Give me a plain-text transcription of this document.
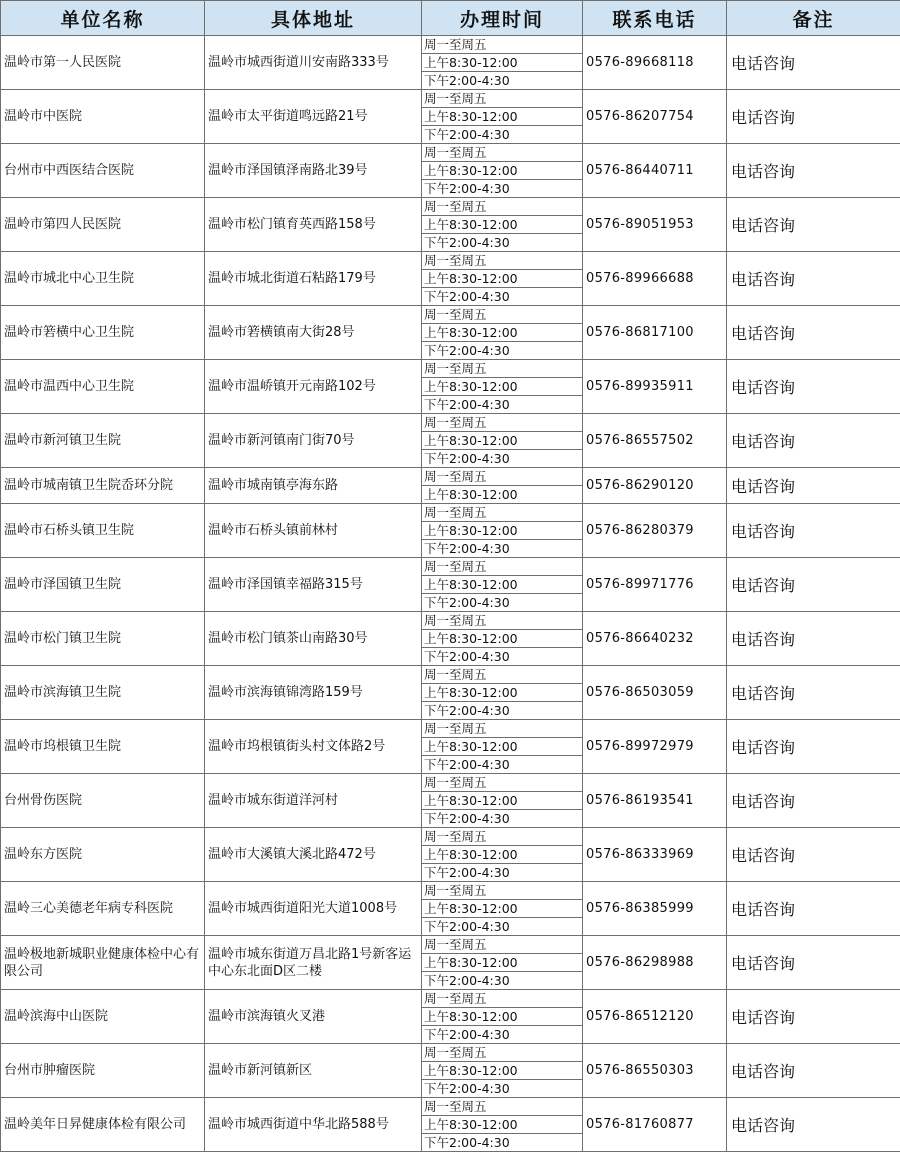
单位名称	具体地址	办理时间	联系电话	备注
温岭市第一人民医院	温岭市城西街道川安南路333号	周一至周五
上午8:30-12:00
下午2:00-4:30	0576-89668118	电话咨询
温岭市中医院	温岭市太平街道鸣远路21号	周一至周五
上午8:30-12:00
下午2:00-4:30	0576-86207754	电话咨询
台州市中西医结合医院	温岭市泽国镇泽南路北39号	周一至周五
上午8:30-12:00
下午2:00-4:30	0576-86440711	电话咨询
温岭市第四人民医院	温岭市松门镇育英西路158号	周一至周五
上午8:30-12:00
下午2:00-4:30	0576-89051953	电话咨询
温岭市城北中心卫生院	温岭市城北街道石粘路179号	周一至周五
上午8:30-12:00
下午2:00-4:30	0576-89966688	电话咨询
温岭市箬横中心卫生院	温岭市箬横镇南大街28号	周一至周五
上午8:30-12:00
下午2:00-4:30	0576-86817100	电话咨询
温岭市温西中心卫生院	温岭市温峤镇开元南路102号	周一至周五
上午8:30-12:00
下午2:00-4:30	0576-89935911	电话咨询
温岭市新河镇卫生院	温岭市新河镇南门街70号	周一至周五
上午8:30-12:00
下午2:00-4:30	0576-86557502	电话咨询
温岭市城南镇卫生院岙环分院	温岭市城南镇亭海东路	周一至周五
上午8:30-12:00	0576-86290120	电话咨询
温岭市石桥头镇卫生院	温岭市石桥头镇前林村	周一至周五
上午8:30-12:00
下午2:00-4:30	0576-86280379	电话咨询
温岭市泽国镇卫生院	温岭市泽国镇幸福路315号	周一至周五
上午8:30-12:00
下午2:00-4:30	0576-89971776	电话咨询
温岭市松门镇卫生院	温岭市松门镇茶山南路30号	周一至周五
上午8:30-12:00
下午2:00-4:30	0576-86640232	电话咨询
温岭市滨海镇卫生院	温岭市滨海镇锦湾路159号	周一至周五
上午8:30-12:00
下午2:00-4:30	0576-86503059	电话咨询
温岭市坞根镇卫生院	温岭市坞根镇街头村文体路2号	周一至周五
上午8:30-12:00
下午2:00-4:30	0576-89972979	电话咨询
台州骨伤医院	温岭市城东街道洋河村	周一至周五
上午8:30-12:00
下午2:00-4:30	0576-86193541	电话咨询
温岭东方医院	温岭市大溪镇大溪北路472号	周一至周五
上午8:30-12:00
下午2:00-4:30	0576-86333969	电话咨询
温岭三心美德老年病专科医院	温岭市城西街道阳光大道1008号	周一至周五
上午8:30-12:00
下午2:00-4:30	0576-86385999	电话咨询
温岭极地新城职业健康体检中心有限公司	温岭市城东街道万昌北路1号新客运中心东北面D区二楼	周一至周五
上午8:30-12:00
下午2:00-4:30	0576-86298988	电话咨询
温岭滨海中山医院	温岭市滨海镇火叉港	周一至周五
上午8:30-12:00
下午2:00-4:30	0576-86512120	电话咨询
台州市肿瘤医院	温岭市新河镇新区	周一至周五
上午8:30-12:00
下午2:00-4:30	0576-86550303	电话咨询
温岭美年日昇健康体检有限公司	温岭市城西街道中华北路588号	周一至周五
上午8:30-12:00
下午2:00-4:30	0576-81760877	电话咨询
